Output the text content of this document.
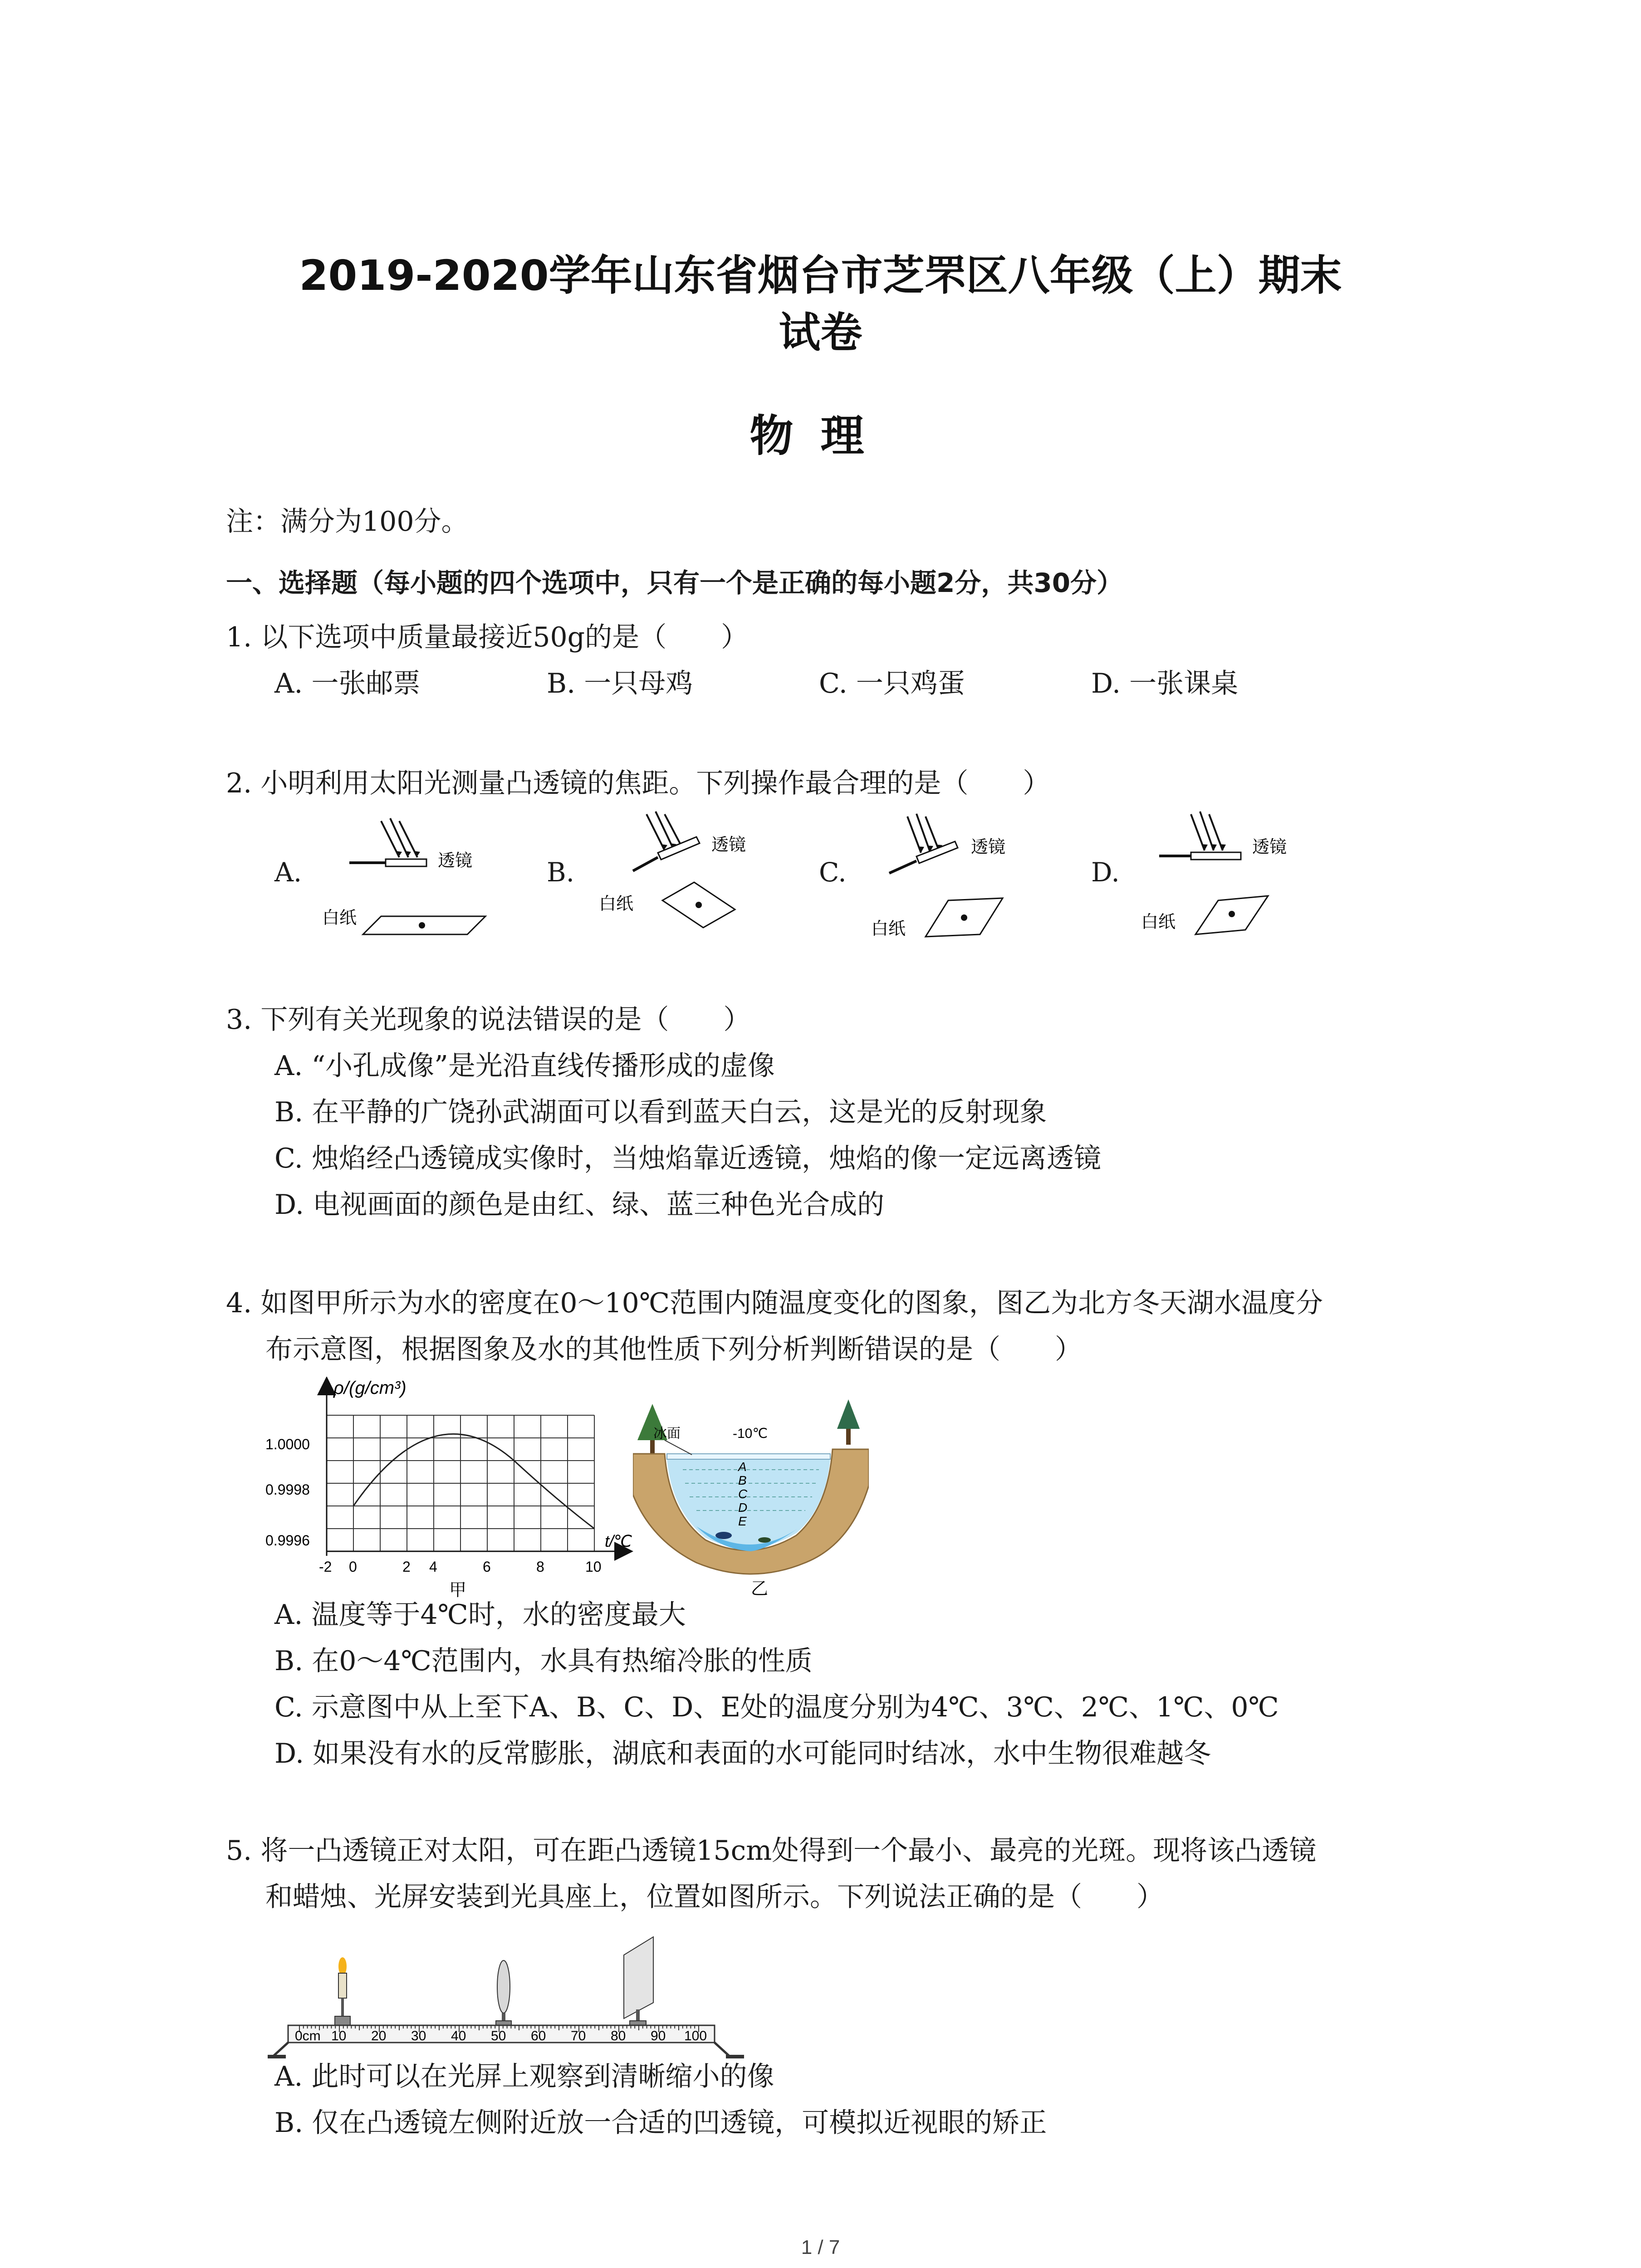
2019-2020学年山东省烟台市芝罘区八年级（上）期末
试卷
物理
注：满分为100分。
一、选择题（每小题的四个选项中，只有一个是正确的每小题2分，共30分）
1. 以下选项中质量最接近50g的是（　　）
A. 一张邮票	B. 一只母鸡	C. 一只鸡蛋	D. 一张课桌
2. 小明利用太阳光测量凸透镜的焦距。下列操作最合理的是（　　）
A.	B.	C.	D.
透镜
白纸
透镜
白纸
透镜
白纸
透镜
白纸
3. 下列有关光现象的说法错误的是（　　）
A. “小孔成像”是光沿直线传播形成的虚像
B. 在平静的广饶孙武湖面可以看到蓝天白云，这是光的反射现象
C. 烛焰经凸透镜成实像时，当烛焰靠近透镜，烛焰的像一定远离透镜
D. 电视画面的颜色是由红、绿、蓝三种色光合成的
4. 如图甲所示为水的密度在0～10℃范围内随温度变化的图象，图乙为北方冬天湖水温度分
布示意图，根据图象及水的其他性质下列分析判断错误的是（　　）
ρ/(g/cm³)
1.0000
0.9998
0.9996
-2 0	2 4	6	8	10
t/℃
甲
冰面	-10℃
A
B
C
D
E
乙
A. 温度等于4℃时，水的密度最大
B. 在0～4℃范围内，水具有热缩冷胀的性质
C. 示意图中从上至下A、B、C、D、E处的温度分别为4℃、3℃、2℃、1℃、0℃
D. 如果没有水的反常膨胀，湖底和表面的水可能同时结冰，水中生物很难越冬
5. 将一凸透镜正对太阳，可在距凸透镜15cm处得到一个最小、最亮的光斑。现将该凸透镜
和蜡烛、光屏安装到光具座上，位置如图所示。下列说法正确的是（　　）
0cm 10 20 30 40 50 60 70 80 90 100
A. 此时可以在光屏上观察到清晰缩小的像
B. 仅在凸透镜左侧附近放一合适的凹透镜，可模拟近视眼的矫正
1 / 7
